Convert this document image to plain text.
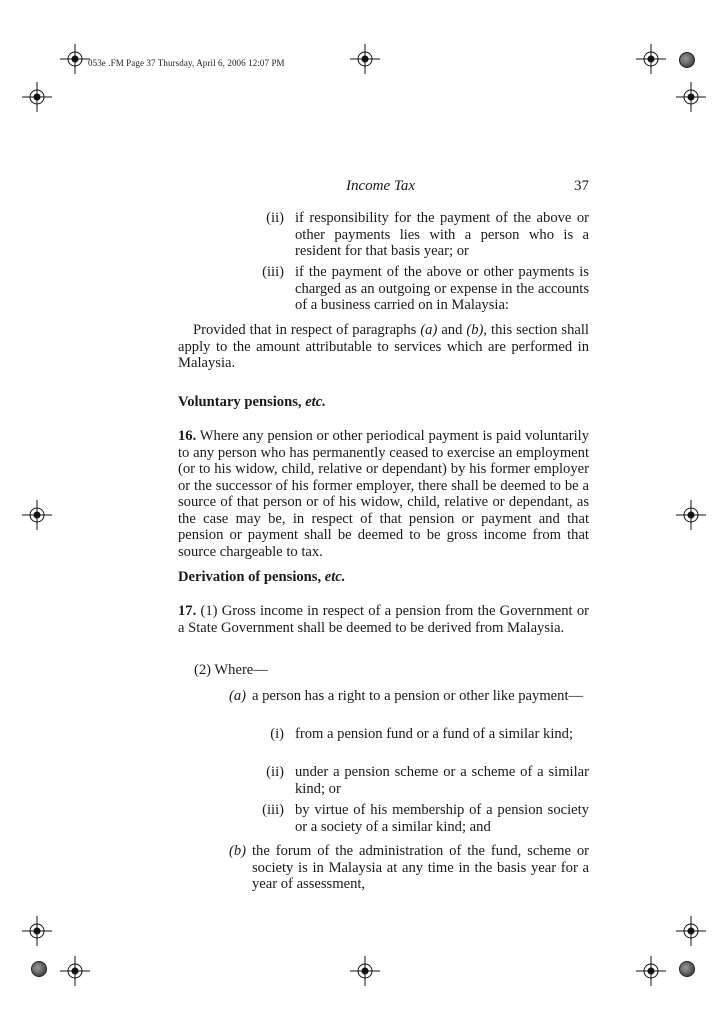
053e .FM Page 37 Thursday, April 6, 2006 12:07 PM
Income Tax	37
(ii) if responsibility for the payment of the above or other payments lies with a person who is a resident for that basis year; or
(iii) if the payment of the above or other payments is charged as an outgoing or expense in the accounts of a business carried on in Malaysia:
Provided that in respect of paragraphs (a) and (b), this section shall apply to the amount attributable to services which are performed in Malaysia.
Voluntary pensions, etc.
16. Where any pension or other periodical payment is paid voluntarily to any person who has permanently ceased to exercise an employment (or to his widow, child, relative or dependant) by his former employer or the successor of his former employer, there shall be deemed to be a source of that person or of his widow, child, relative or dependant, as the case may be, in respect of that pension or payment and that pension or payment shall be deemed to be gross income from that source chargeable to tax.
Derivation of pensions, etc.
17. (1) Gross income in respect of a pension from the Government or a State Government shall be deemed to be derived from Malaysia.
(2) Where—
(a) a person has a right to a pension or other like payment—
(i) from a pension fund or a fund of a similar kind;
(ii) under a pension scheme or a scheme of a similar kind; or
(iii) by virtue of his membership of a pension society or a society of a similar kind; and
(b) the forum of the administration of the fund, scheme or society is in Malaysia at any time in the basis year for a year of assessment,
